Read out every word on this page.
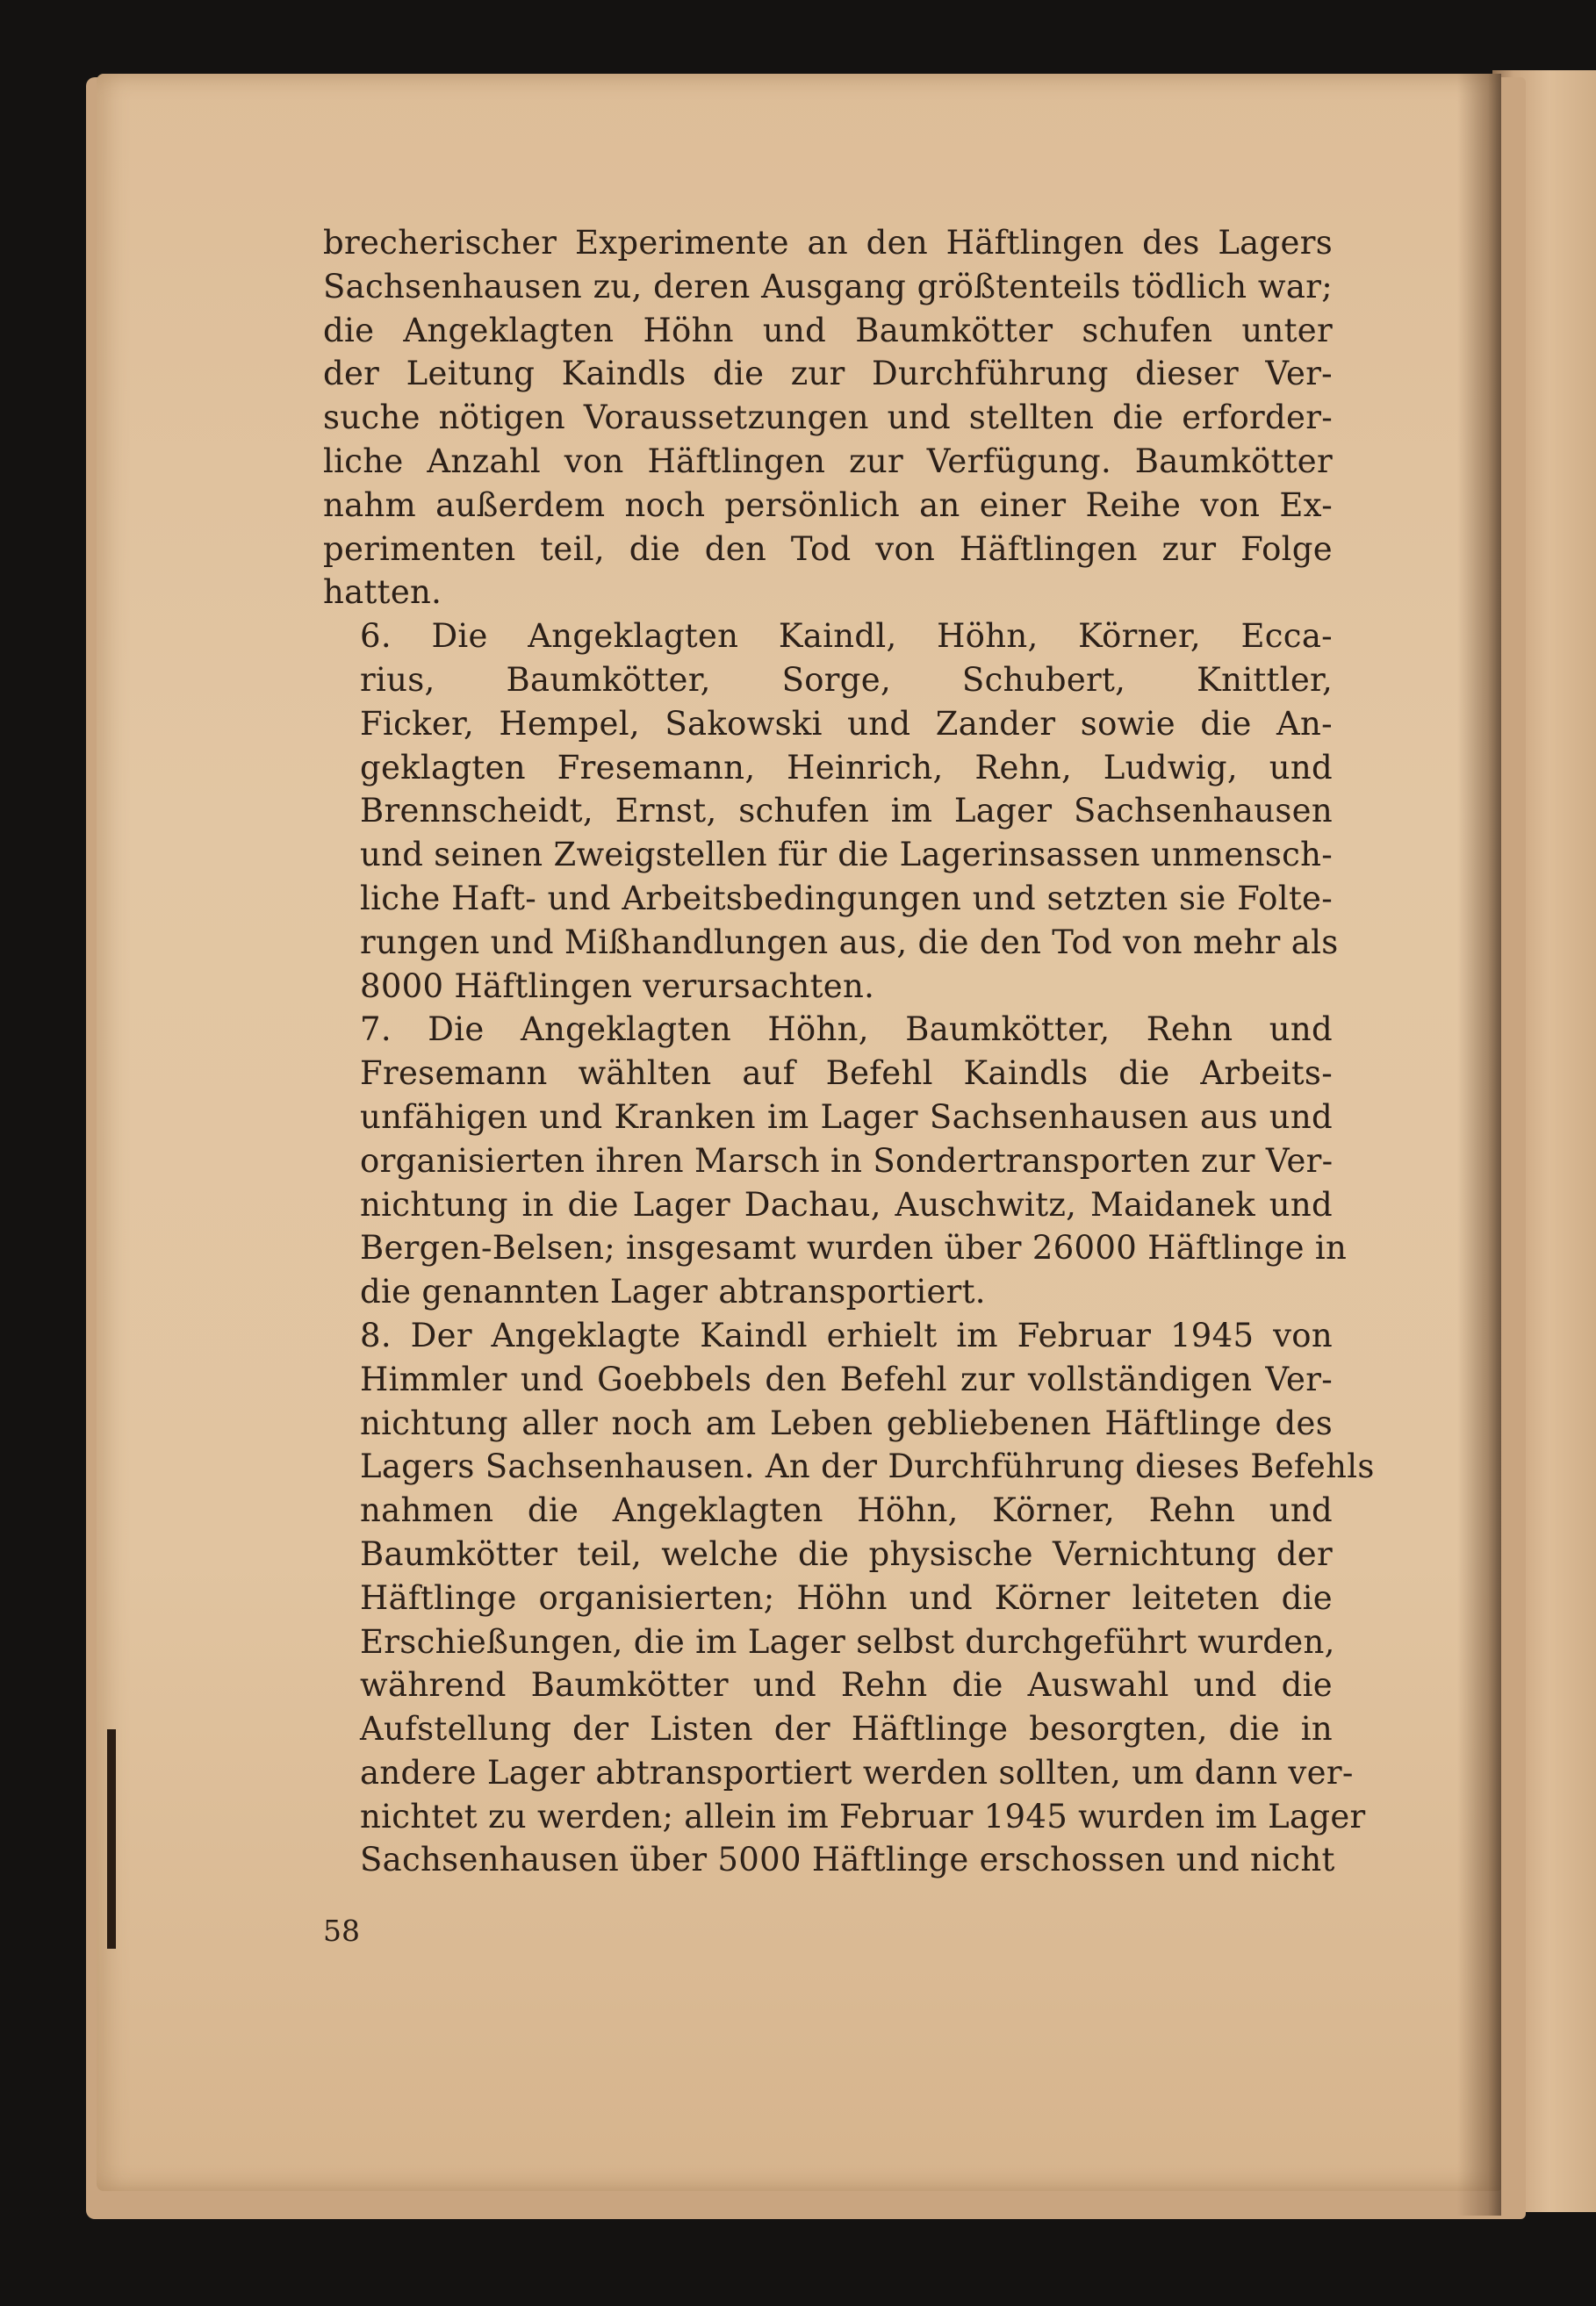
brecherischer Experimente an den Häftlingen des Lagers
Sachsenhausen zu, deren Ausgang größtenteils tödlich war;
die Angeklagten Höhn und Baumkötter schufen unter
der Leitung Kaindls die zur Durchführung dieser Ver-
suche nötigen Voraussetzungen und stellten die erforder-
liche Anzahl von Häftlingen zur Verfügung. Baumkötter
nahm außerdem noch persönlich an einer Reihe von Ex-
perimenten teil, die den Tod von Häftlingen zur Folge
hatten.

6. Die Angeklagten Kaindl, Höhn, Körner, Ecca-
rius, Baumkötter, Sorge, Schubert, Knittler,
Ficker, Hempel, Sakowski und Zander sowie die An-
geklagten Fresemann, Heinrich, Rehn, Ludwig, und
Brennscheidt, Ernst, schufen im Lager Sachsenhausen
und seinen Zweigstellen für die Lagerinsassen unmensch-
liche Haft- und Arbeitsbedingungen und setzten sie Folte-
rungen und Mißhandlungen aus, die den Tod von mehr als
8000 Häftlingen verursachten.

7. Die Angeklagten Höhn, Baumkötter, Rehn und
Fresemann wählten auf Befehl Kaindls die Arbeits-
unfähigen und Kranken im Lager Sachsenhausen aus und
organisierten ihren Marsch in Sondertransporten zur Ver-
nichtung in die Lager Dachau, Auschwitz, Maidanek und
Bergen-Belsen; insgesamt wurden über 26000 Häftlinge in
die genannten Lager abtransportiert.

8. Der Angeklagte Kaindl erhielt im Februar 1945 von
Himmler und Goebbels den Befehl zur vollständigen Ver-
nichtung aller noch am Leben gebliebenen Häftlinge des
Lagers Sachsenhausen. An der Durchführung dieses Befehls
nahmen die Angeklagten Höhn, Körner, Rehn und
Baumkötter teil, welche die physische Vernichtung der
Häftlinge organisierten; Höhn und Körner leiteten die
Erschießungen, die im Lager selbst durchgeführt wurden,
während Baumkötter und Rehn die Auswahl und die
Aufstellung der Listen der Häftlinge besorgten, die in
andere Lager abtransportiert werden sollten, um dann ver-
nichtet zu werden; allein im Februar 1945 wurden im Lager
Sachsenhausen über 5000 Häftlinge erschossen und nicht

58
